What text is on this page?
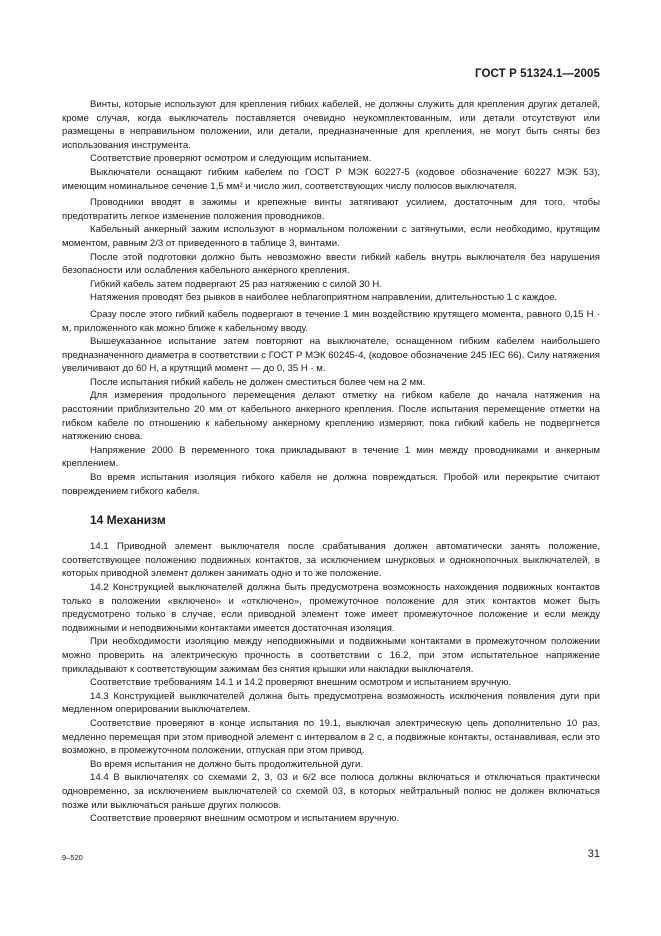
ГОСТ Р 51324.1—2005

Винты, которые используют для крепления гибких кабелей, не должны служить для крепления других деталей, кроме случая, когда выключатель поставляется очевидно неукомплектованным, или детали отсутствуют или размещены в неправильном положении, или детали, предназначенные для крепления, не могут быть сняты без использования инструмента.

Соответствие проверяют осмотром и следующим испытанием.

Выключатели оснащают гибким кабелем по ГОСТ Р МЭК 60227-5 (кодовое обозначение 60227 МЭК 53), имеющим номинальное сечение 1,5 мм² и число жил, соответствующих числу полюсов выключателя.

Проводники вводят в зажимы и крепежные винты затягивают усилием, достаточным для того, чтобы предотвратить легкое изменение положения проводников.

Кабельный анкерный зажим используют в нормальном положении с затянутыми, если необходимо, крутящим моментом, равным 2/3 от приведенного в таблице 3, винтами.

После этой подготовки должно быть невозможно ввести гибкий кабель внутрь выключателя без нарушения безопасности или ослабления кабельного анкерного крепления.

Гибкий кабель затем подвергают 25 раз натяжению с силой 30 Н.

Натяжения проводят без рывков в наиболее неблагоприятном направлении, длительностью 1 с каждое.

Сразу после этого гибкий кабель подвергают в течение 1 мин воздействию крутящего момента, равного 0,15 Н · м, приложенного как можно ближе к кабельному вводу.

Вышеуказанное испытание затем повторяют на выключателе, оснащенном гибким кабелем наибольшего предназначенного диаметра в соответствии с ГОСТ Р МЭК 60245-4, (кодовое обозначение 245 IEC 66). Силу натяжения увеличивают до 60 Н, а крутящий момент — до 0, 35 Н · м.

После испытания гибкий кабель не должен сместиться более чем на 2 мм.

Для измерения продольного перемещения делают отметку на гибком кабеле до начала натяжения на расстоянии приблизительно 20 мм от кабельного анкерного крепления. После испытания перемещение отметки на гибком кабеле по отношению к кабельному анкерному креплению измеряют, пока гибкий кабель не подвергнется натяжению снова.

Напряжение 2000 В переменного тока прикладывают в течение 1 мин между проводниками и анкерным креплением.

Во время испытания изоляция гибкого кабеля не должна повреждаться. Пробой или перекрытие считают повреждением гибкого кабеля.

14 Механизм

14.1 Приводной элемент выключателя после срабатывания должен автоматически занять положение, соответствующее положению подвижных контактов, за исключением шнурковых и однокнопочных выключателей, в которых приводной элемент должен занимать одно и то же положение.

14.2 Конструкцией выключателей должна быть предусмотрена возможность нахождения подвижных контактов только в положении «включено» и «отключено», промежуточное положение для этих контактов может быть предусмотрено только в случае, если приводной элемент тоже имеет промежуточное положение и если между подвижными и неподвижными контактами имеется достаточная изоляция.

При необходимости изоляцию между неподвижными и подвижными контактами в промежуточном положении можно проверить на электрическую прочность в соответствии с 16.2, при этом испытательное напряжение прикладывают к соответствующим зажимам без снятия крышки или накладки выключателя.

Соответствие требованиям 14.1 и 14.2 проверяют внешним осмотром и испытанием вручную.

14.3 Конструкцией выключателей должна быть предусмотрена возможность исключения появления дуги при медленном оперировании выключателем.

Соответствие проверяют в конце испытания по 19.1, выключая электрическую цепь дополнительно 10 раз, медленно перемещая при этом приводной элемент с интервалом в 2 с, а подвижные контакты, останавливая, если это возможно, в промежуточном положении, отпуская при этом привод.

Во время испытания не должно быть продолжительной дуги.

14.4 В выключателях со схемами 2, 3, 03 и 6/2 все полюса должны включаться и отключаться практически одновременно, за исключением выключателей со схемой 03, в которых нейтральный полюс не должен включаться позже или выключаться раньше других полюсов.

Соответствие проверяют внешним осмотром и испытанием вручную.

9–520	31
